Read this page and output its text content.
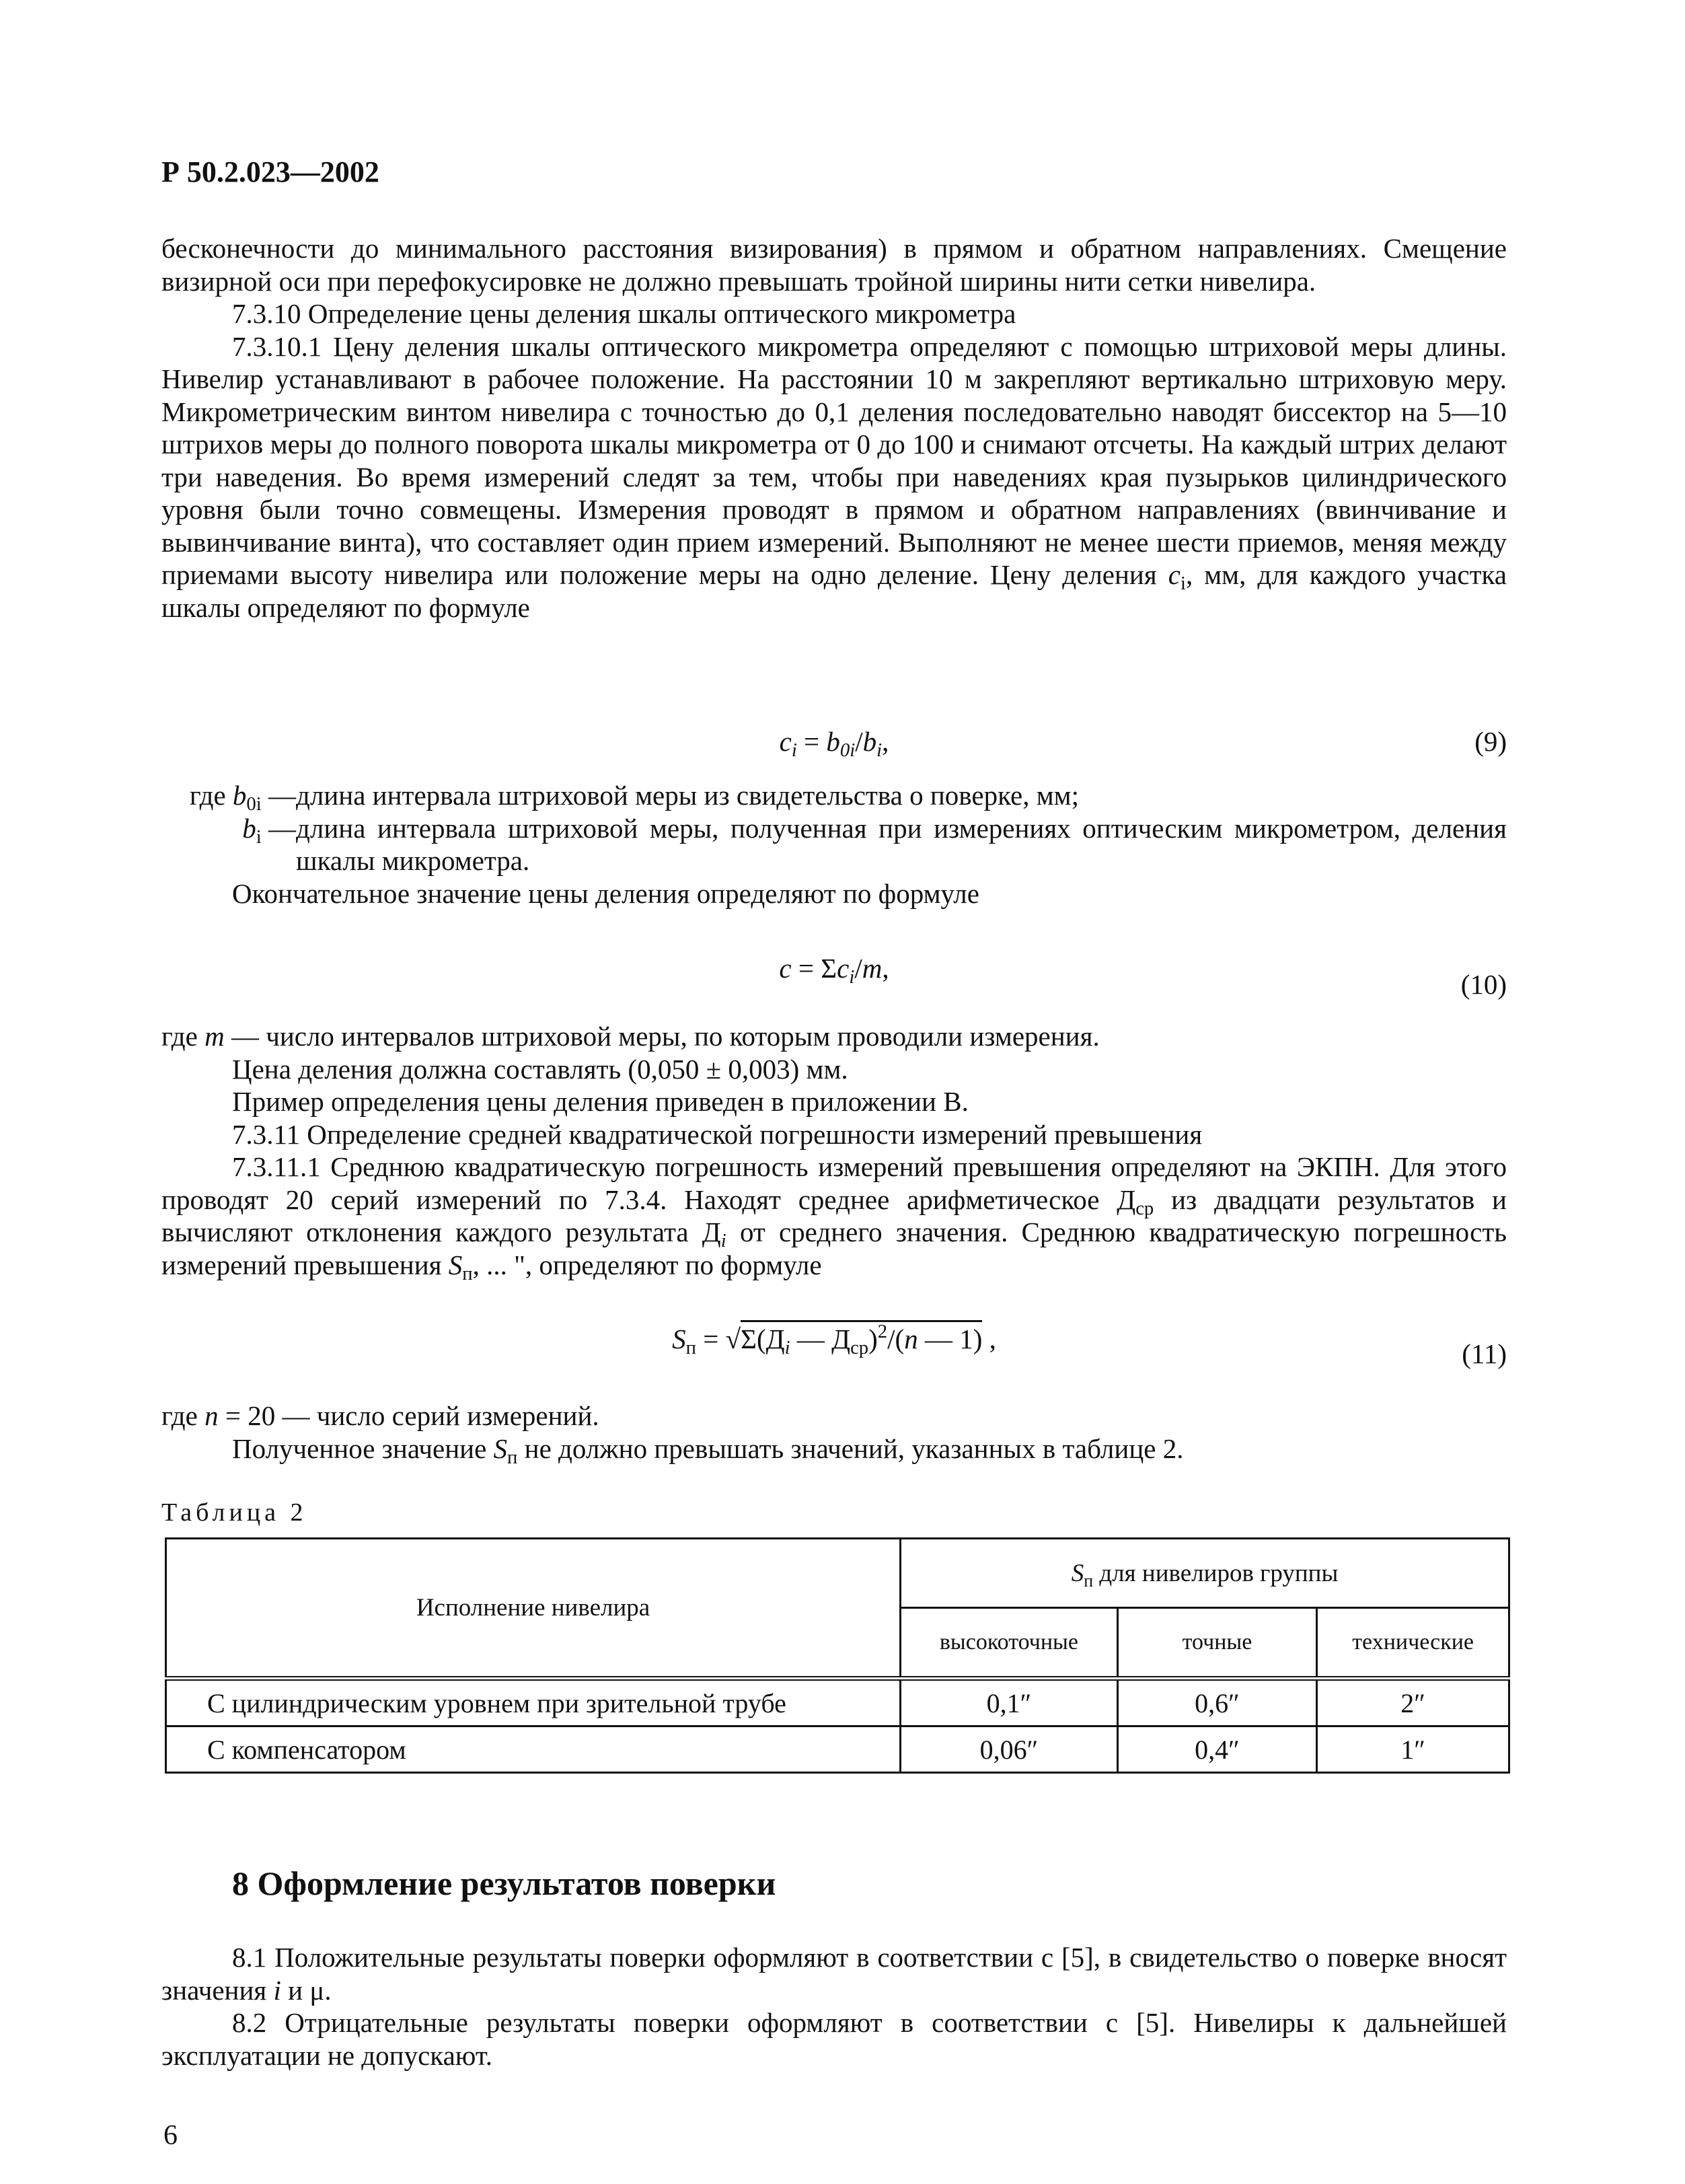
Р 50.2.023—2002

бесконечности до минимального расстояния визирования) в прямом и обратном направлениях. Смещение визирной оси при перефокусировке не должно превышать тройной ширины нити сетки нивелира.

7.3.10 Определение цены деления шкалы оптического микрометра

7.3.10.1 Цену деления шкалы оптического микрометра определяют с помощью штриховой меры длины. Нивелир устанавливают в рабочее положение. На расстоянии 10 м закрепляют вертикально штриховую меру. Микрометрическим винтом нивелира с точностью до 0,1 деления последовательно наводят биссектор на 5—10 штрихов меры до полного поворота шкалы микрометра от 0 до 100 и снимают отсчеты. На каждый штрих делают три наведения. Во время измерений следят за тем, чтобы при наведениях края пузырьков цилиндрического уровня были точно совмещены. Измерения проводят в прямом и обратном направлениях (ввинчивание и вывинчивание винта), что составляет один прием измерений. Выполняют не менее шести приемов, меняя между приемами высоту нивелира или положение меры на одно деление. Цену деления $c_i$, мм, для каждого участка шкалы определяют по формуле

$c_i = b_{0i}/b_i$,	(9)
где $b_{0i}$ — длина интервала штриховой меры из свидетельства о поверке, мм;
$b_i$ — длина интервала штриховой меры, полученная при измерениях оптическим микрометром, деления шкалы микрометра.

Окончательное значение цены деления определяют по формуле

$c = \Sigma c_i/m$,
(10)

где m — число интервалов штриховой меры, по которым проводили измерения.

Цена деления должна составлять (0,050 ± 0,003) мм.

Пример определения цены деления приведен в приложении В.

7.3.11 Определение средней квадратической погрешности измерений превышения

7.3.11.1 Среднюю квадратическую погрешность измерений превышения определяют на ЭКПН. Для этого проводят 20 серий измерений по 7.3.4. Находят среднее арифметическое $Д_{ср}$ из двадцати результатов и вычисляют отклонения каждого результата $Д_i$ от среднего значения. Среднюю квадратическую погрешность измерений превышения $S_п$, ... ", определяют по формуле

$S_п = √\Sigma(Д_i$ — $Д_{ср})^2/(n$ — 1) ,	(11)

где n = 20 — число серий измерений.

Полученное значение $S_п$ не должно превышать значений, указанных в таблице 2.

Таблица 2
Исполнение нивелира	$S_п$ для нивелиров группы		
	высокоточные	точные	технические
С цилиндрическим уровнем при зрительной трубе	0,1″	0,6″	2″
С компенсатором	0,06″	0,4″	1″
8 Оформление результатов поверки

8.1 Положительные результаты поверки оформляют в соответствии с [5], в свидетельство о поверке вносят значения i и μ.

8.2 Отрицательные результаты поверки оформляют в соответствии с [5]. Нивелиры к дальнейшей эксплуатации не допускают.

6
